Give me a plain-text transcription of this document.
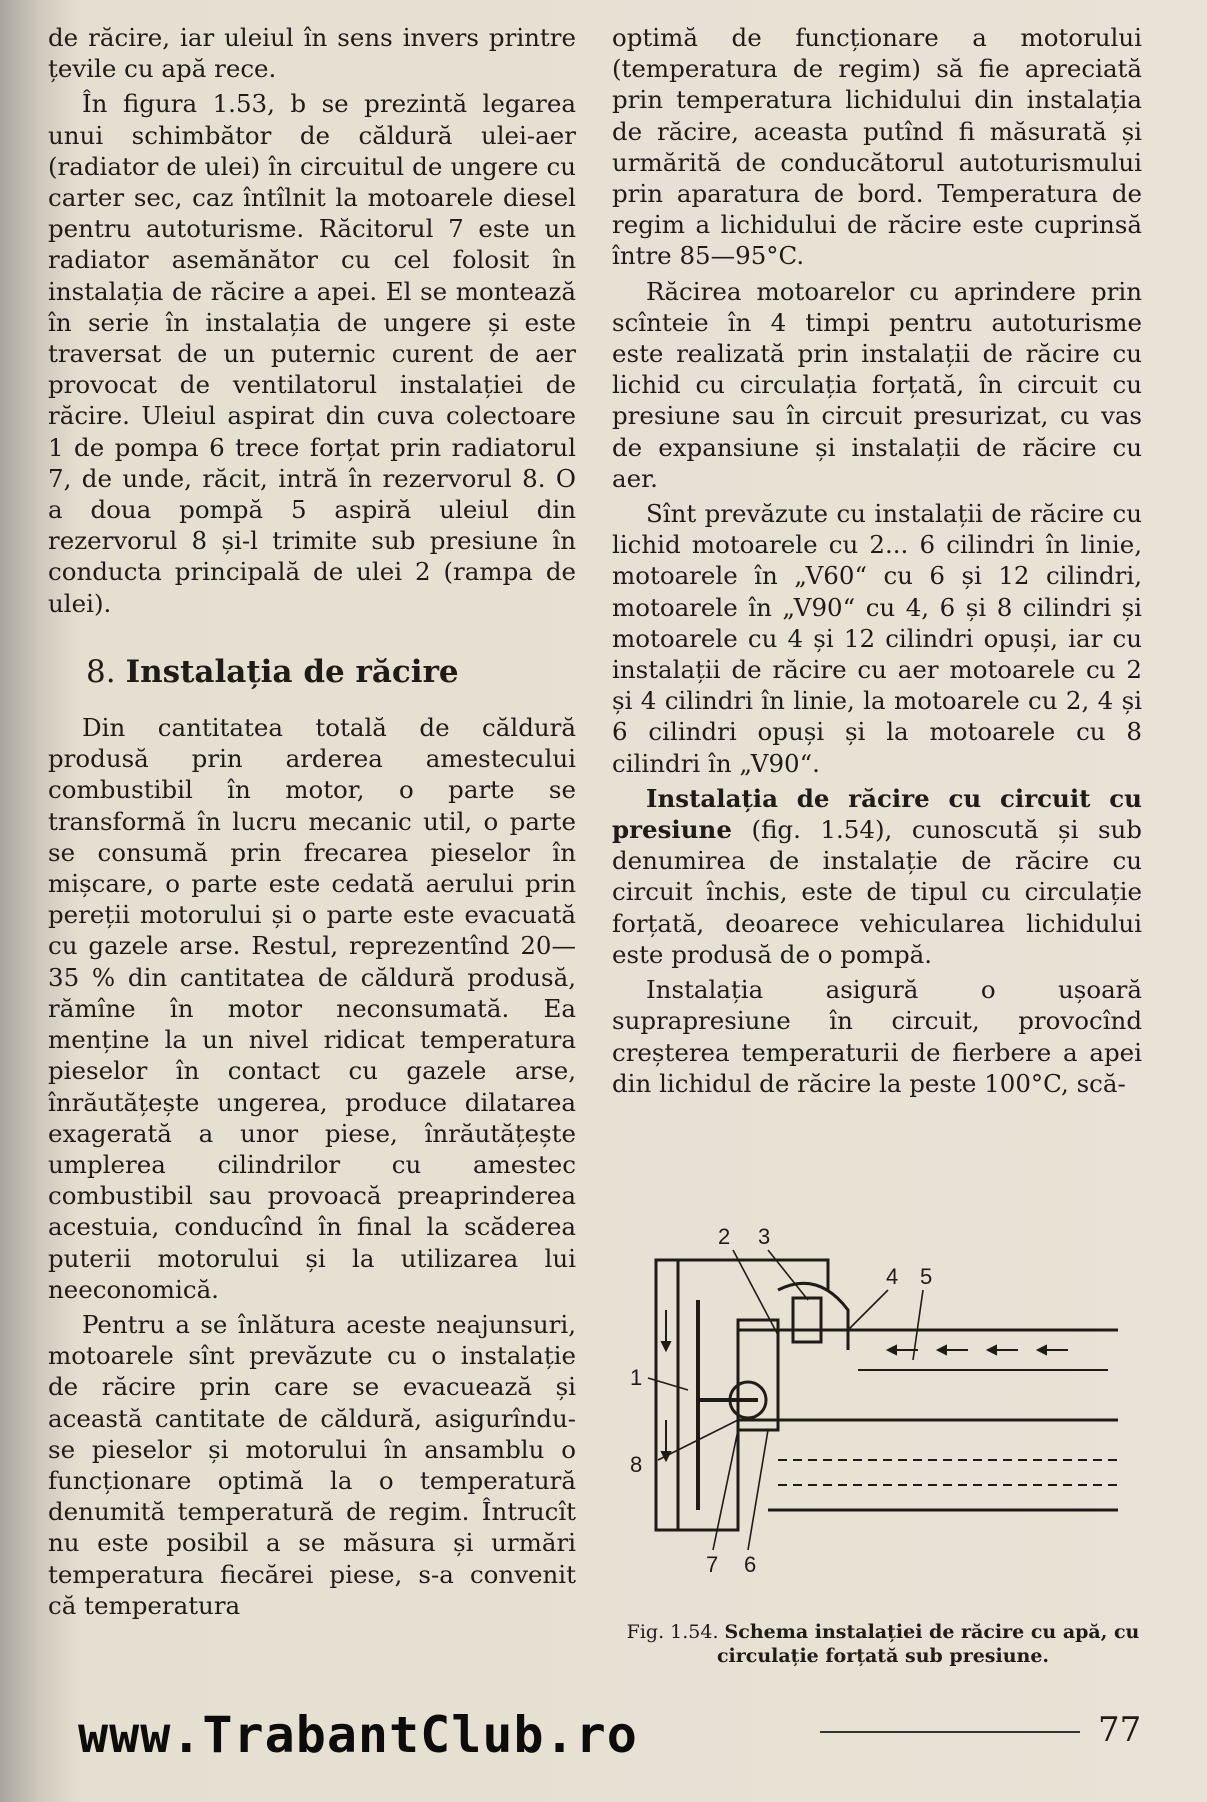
de răcire, iar uleiul în sens invers printre țevile cu apă rece.

În figura 1.53, b se prezintă legarea unui schimbător de căldură ulei-aer (radiator de ulei) în circuitul de ungere cu carter sec, caz întîlnit la motoarele diesel pentru autoturisme. Răcitorul 7 este un radiator asemănător cu cel folosit în instalația de răcire a apei. El se montează în serie în instalația de ungere și este traversat de un puternic curent de aer provocat de ventilatorul instalației de răcire. Uleiul aspirat din cuva colectoare 1 de pompa 6 trece forțat prin radiatorul 7, de unde, răcit, intră în rezervorul 8. O a doua pompă 5 aspiră uleiul din rezervorul 8 și-l trimite sub presiune în conducta principală de ulei 2 (rampa de ulei).

8. Instalația de răcire

Din cantitatea totală de căldură produsă prin arderea amestecului combustibil în motor, o parte se transformă în lucru mecanic util, o parte se consumă prin frecarea pieselor în mișcare, o parte este cedată aerului prin pereții motorului și o parte este evacuată cu gazele arse. Restul, reprezentînd 20—35 % din cantitatea de căldură produsă, rămîne în motor neconsumată. Ea menține la un nivel ridicat temperatura pieselor în contact cu gazele arse, înrăutățește ungerea, produce dilatarea exagerată a unor piese, înrăutățește umplerea cilindrilor cu amestec combustibil sau provoacă preaprinderea acestuia, conducînd în final la scăderea puterii motorului și la utilizarea lui neeconomică.

Pentru a se înlătura aceste neajunsuri, motoarele sînt prevăzute cu o instalație de răcire prin care se evacuează și această cantitate de căldură, asigurîndu-se pieselor și motorului în ansamblu o funcționare optimă la o temperatură denumită temperatură de regim. Întrucît nu este posibil a se măsura și urmări temperatura fiecărei piese, s-a convenit că temperatura

optimă de funcționare a motorului (temperatura de regim) să fie apreciată prin temperatura lichidului din instalația de răcire, aceasta putînd fi măsurată și urmărită de conducătorul autoturismului prin aparatura de bord. Temperatura de regim a lichidului de răcire este cuprinsă între 85—95°C.

Răcirea motoarelor cu aprindere prin scînteie în 4 timpi pentru autoturisme este realizată prin instalații de răcire cu lichid cu circulația forțată, în circuit cu presiune sau în circuit presurizat, cu vas de expansiune și instalații de răcire cu aer.

Sînt prevăzute cu instalații de răcire cu lichid motoarele cu 2... 6 cilindri în linie, motoarele în „V60“ cu 6 și 12 cilindri, motoarele în „V90“ cu 4, 6 și 8 cilindri și motoarele cu 4 și 12 cilindri opuși, iar cu instalații de răcire cu aer motoarele cu 2 și 4 cilindri în linie, la motoarele cu 2, 4 și 6 cilindri opuși și la motoarele cu 8 cilindri în „V90“.

Instalația de răcire cu circuit cu presiune (fig. 1.54), cunoscută și sub denumirea de instalație de răcire cu circuit închis, este de tipul cu circulație forțată, deoarece vehicularea lichidului este produsă de o pompă.

Instalația asigură o ușoară suprapresiune în circuit, provocînd creșterea temperaturii de fierbere a apei din lichidul de răcire la peste 100°C, scă-

1
2 3
4 5
6
7
8
Fig. 1.54. Schema instalației de răcire cu apă, cu circulație forțată sub presiune.
www.TrabantClub.ro	77
